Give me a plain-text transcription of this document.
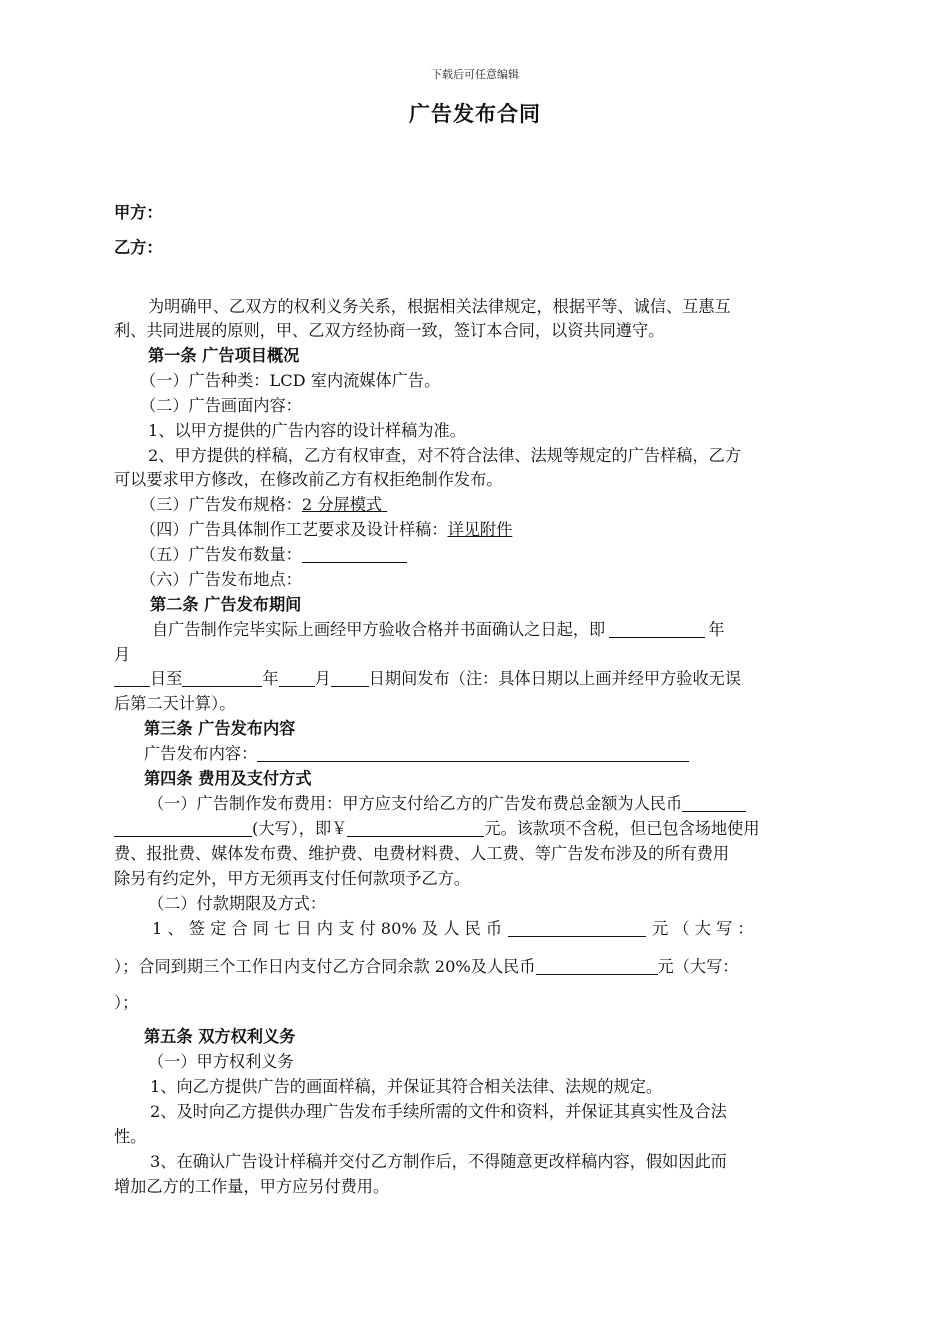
下载后可任意编辑
广告发布合同
甲方：
乙方：
为明确甲、乙双方的权利义务关系，根据相关法律规定，根据平等、诚信、互惠互
利、共同进展的原则，甲、乙双方经协商一致，签订本合同，以资共同遵守。
第一条 广告项目概况
（一）广告种类：LCD 室内流媒体广告。
（二）广告画面内容：
1、以甲方提供的广告内容的设计样稿为准。
2、甲方提供的样稿，乙方有权审查，对不符合法律、法规等规定的广告样稿，乙方
可以要求甲方修改，在修改前乙方有权拒绝制作发布。
（三）广告发布规格：2 分屏模式
（四）广告具体制作工艺要求及设计样稿：详见附件
（五）广告发布数量：
（六）广告发布地点：
第二条 广告发布期间
自广告制作完毕实际上画经甲方验收合格并书面确认之日起，即	年
月
日至	年 月 日期间发布（注：具体日期以上画并经甲方验收无误
后第二天计算）。
第三条 广告发布内容
广告发布内容：
第四条 费用及支付方式
（一）广告制作发布费用：甲方应支付给乙方的广告发布费总金额为人民币
(大写），即￥	元。该款项不含税，但已包含场地使用
费、报批费、媒体发布费、维护费、电费材料费、人工费、等广告发布涉及的所有费用
除另有约定外，甲方无须再支付任何款项予乙方。
（二）付款期限及方式：
1 、 签 定 合 同 七 日 内 支 付 80% 及 人 民 币	元 （ 大 写 ：
）；合同到期三个工作日内支付乙方合同余款 20%及人民币	元（大写：
）；
第五条 双方权利义务
（一）甲方权利义务
1、向乙方提供广告的画面样稿，并保证其符合相关法律、法规的规定。
2、及时向乙方提供办理广告发布手续所需的文件和资料，并保证其真实性及合法
性。
3、在确认广告设计样稿并交付乙方制作后，不得随意更改样稿内容，假如因此而
增加乙方的工作量，甲方应另付费用。
